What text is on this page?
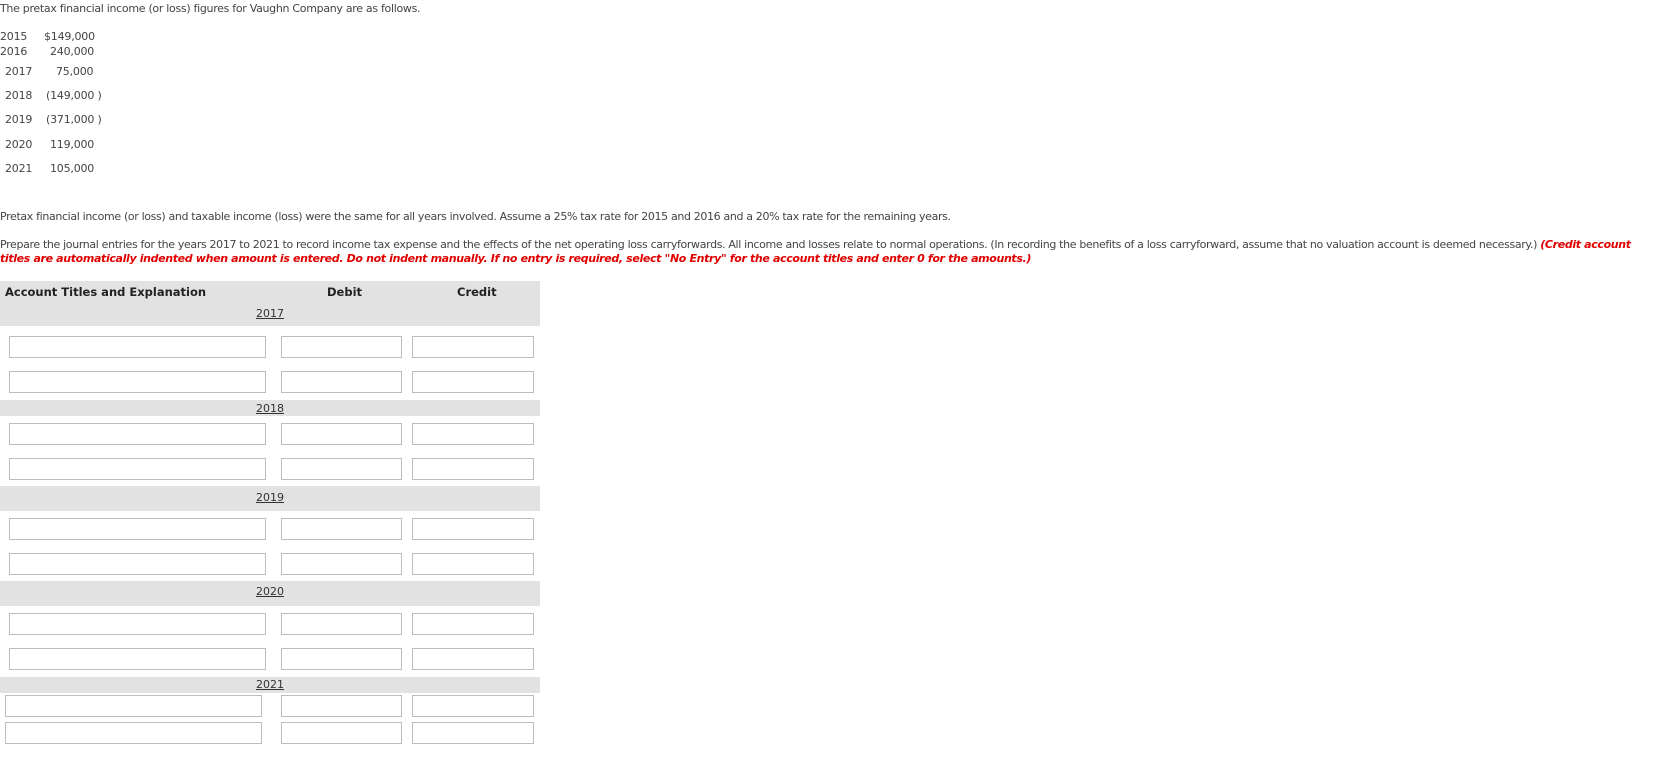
The pretax financial income (or loss) figures for Vaughn Company are as follows.
2015	$149,000
2016	240,000
2017	75,000
2018	(149,000 )
2019	(371,000 )
2020	119,000
2021	105,000
Pretax financial income (or loss) and taxable income (loss) were the same for all years involved. Assume a 25% tax rate for 2015 and 2016 and a 20% tax rate for the remaining years.
Prepare the journal entries for the years 2017 to 2021 to record income tax expense and the effects of the net operating loss carryforwards. All income and losses relate to normal operations. (In recording the benefits of a loss carryforward, assume that no valuation account is deemed necessary.) (Credit account titles are automatically indented when amount is entered. Do not indent manually. If no entry is required, select "No Entry" for the account titles and enter 0 for the amounts.)
Account Titles and Explanation	Debit	Credit
2017
2018
2019
2020
2021
